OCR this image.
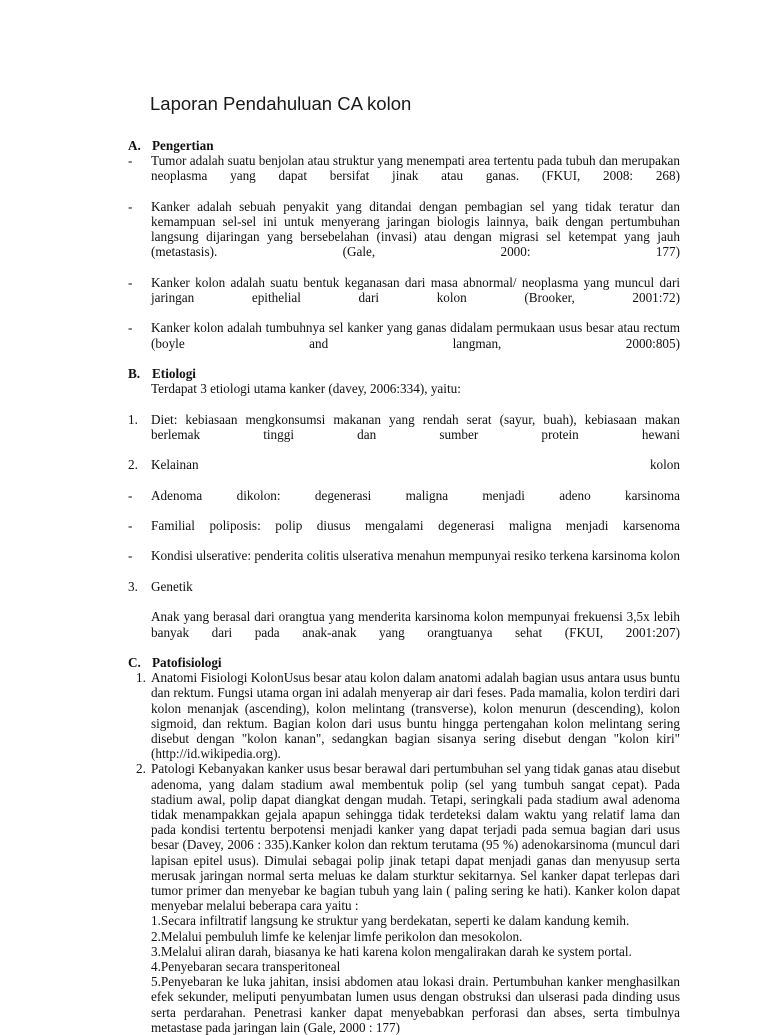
Laporan Pendahuluan CA kolon
A. Pengertian
- Tumor adalah suatu benjolan atau struktur yang menempati area tertentu pada tubuh dan merupakan neoplasma yang dapat bersifat jinak atau ganas. (FKUI, 2008: 268)
- Kanker adalah sebuah penyakit yang ditandai dengan pembagian sel yang tidak teratur dan kemampuan sel-sel ini untuk menyerang jaringan biologis lainnya, baik dengan pertumbuhan langsung dijaringan yang bersebelahan (invasi) atau dengan migrasi sel ketempat yang jauh (metastasis). (Gale, 2000: 177)
- Kanker kolon adalah suatu bentuk keganasan dari masa abnormal/ neoplasma yang muncul dari jaringan epithelial dari kolon (Brooker, 2001:72)
- Kanker kolon adalah tumbuhnya sel kanker yang ganas didalam permukaan usus besar atau rectum (boyle and langman, 2000:805)
B. Etiologi
Terdapat 3 etiologi utama kanker (davey, 2006:334), yaitu:
1. Diet: kebiasaan mengkonsumsi makanan yang rendah serat (sayur, buah), kebiasaan makan berlemak tinggi dan sumber protein hewani
2. Kelainan kolon
- Adenoma dikolon: degenerasi maligna menjadi adeno karsinoma
- Familial poliposis: polip diusus mengalami degenerasi maligna menjadi karsenoma
- Kondisi ulserative: penderita colitis ulserativa menahun mempunyai resiko terkena karsinoma kolon
3. Genetik
Anak yang berasal dari orangtua yang menderita karsinoma kolon mempunyai frekuensi 3,5x lebih banyak dari pada anak-anak yang orangtuanya sehat (FKUI, 2001:207)
C. Patofisiologi
1. Anatomi Fisiologi KolonUsus besar atau kolon dalam anatomi adalah bagian usus antara usus buntu dan rektum. Fungsi utama organ ini adalah menyerap air dari feses. Pada mamalia, kolon terdiri dari kolon menanjak (ascending), kolon melintang (transverse), kolon menurun (descending), kolon sigmoid, dan rektum. Bagian kolon dari usus buntu hingga pertengahan kolon melintang sering disebut dengan "kolon kanan", sedangkan bagian sisanya sering disebut dengan "kolon kiri" (http://id.wikipedia.org).
2. Patologi Kebanyakan kanker usus besar berawal dari pertumbuhan sel yang tidak ganas atau disebut adenoma, yang dalam stadium awal membentuk polip (sel yang tumbuh sangat cepat). Pada stadium awal, polip dapat diangkat dengan mudah. Tetapi, seringkali pada stadium awal adenoma tidak menampakkan gejala apapun sehingga tidak terdeteksi dalam waktu yang relatif lama dan pada kondisi tertentu berpotensi menjadi kanker yang dapat terjadi pada semua bagian dari usus besar (Davey, 2006 : 335).Kanker kolon dan rektum terutama (95 %) adenokarsinoma (muncul dari lapisan epitel usus). Dimulai sebagai polip jinak tetapi dapat menjadi ganas dan menyusup serta merusak jaringan normal serta meluas ke dalam sturktur sekitarnya. Sel kanker dapat terlepas dari tumor primer dan menyebar ke bagian tubuh yang lain ( paling sering ke hati). Kanker kolon dapat menyebar melalui beberapa cara yaitu :
1.Secara infiltratif langsung ke struktur yang berdekatan, seperti ke dalam kandung kemih.
2.Melalui pembuluh limfe ke kelenjar limfe perikolon dan mesokolon.
3.Melalui aliran darah, biasanya ke hati karena kolon mengalirakan darah ke system portal.
4.Penyebaran secara transperitoneal
5.Penyebaran ke luka jahitan, insisi abdomen atau lokasi drain. Pertumbuhan kanker menghasilkan efek sekunder, meliputi penyumbatan lumen usus dengan obstruksi dan ulserasi pada dinding usus serta perdarahan. Penetrasi kanker dapat menyebabkan perforasi dan abses, serta timbulnya metastase pada jaringan lain (Gale, 2000 : 177)
